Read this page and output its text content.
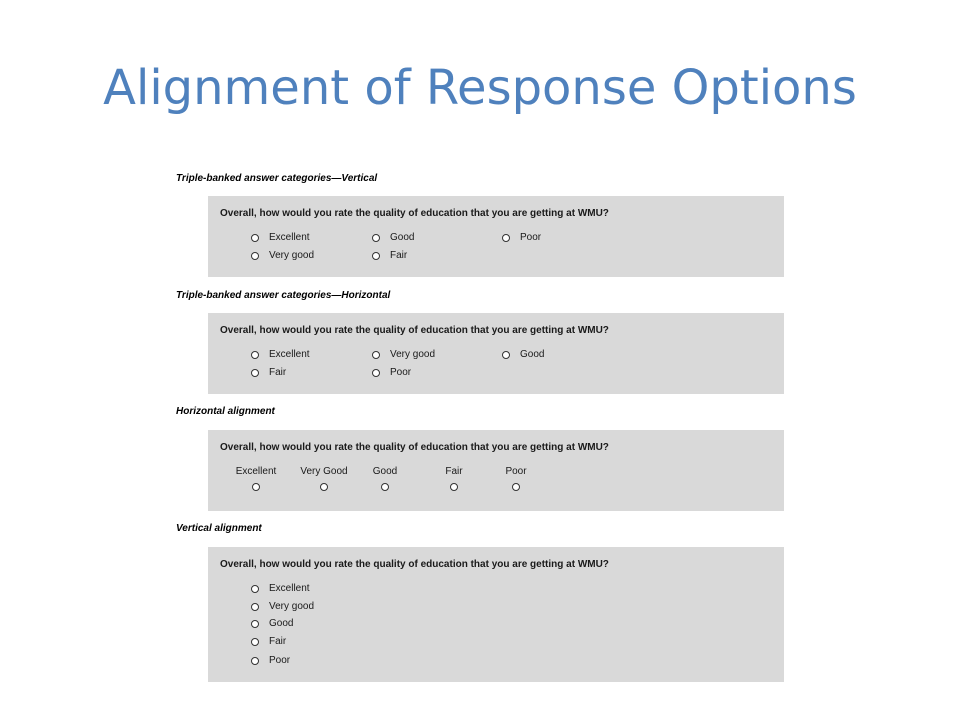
Alignment of Response Options
Triple-banked answer categories—Vertical
Overall, how would you rate the quality of education that you are getting at WMU?
Excellent	Good	Poor
Very good	Fair
Triple-banked answer categories—Horizontal
Overall, how would you rate the quality of education that you are getting at WMU?
Excellent	Very good	Good
Fair	Poor
Horizontal alignment
Overall, how would you rate the quality of education that you are getting at WMU?
Excellent	Very Good	Good	Fair	Poor
Vertical alignment
Overall, how would you rate the quality of education that you are getting at WMU?
Excellent
Very good
Good
Fair
Poor
